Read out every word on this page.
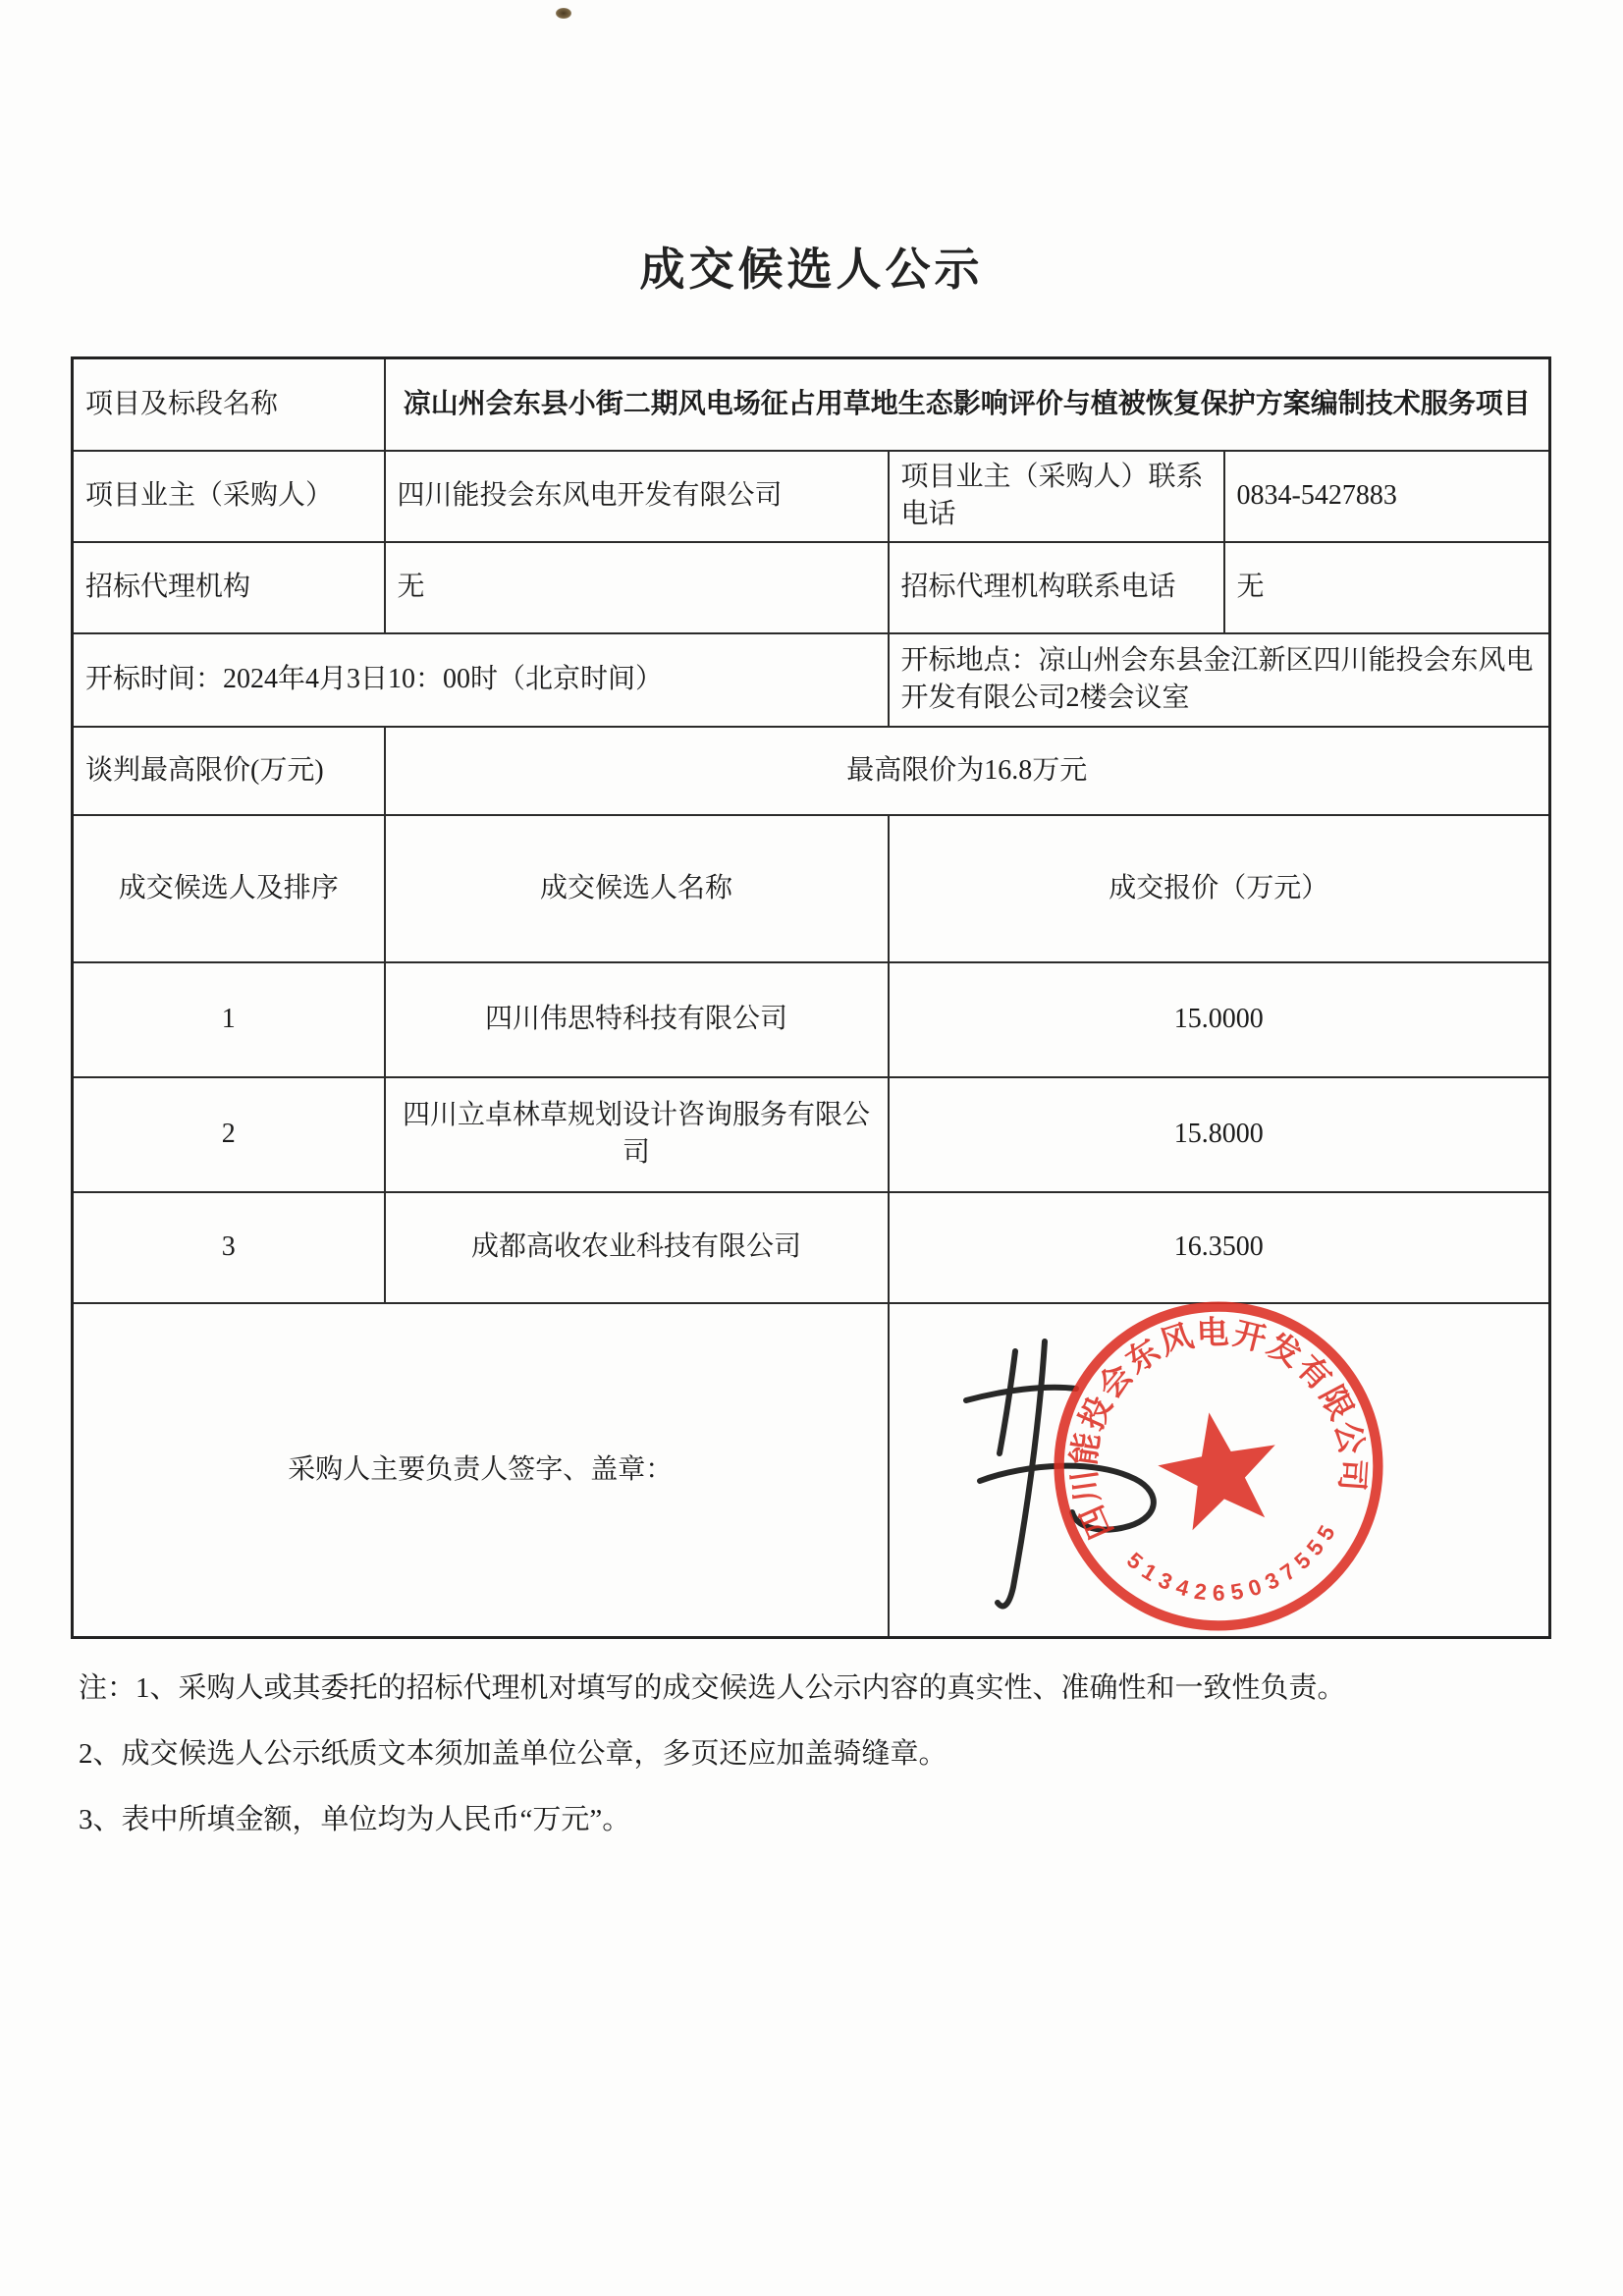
成交候选人公示
项目及标段名称	凉山州会东县小街二期风电场征占用草地生态影响评价与植被恢复保护方案编制技术服务项目		
项目业主（采购人）	四川能投会东风电开发有限公司	项目业主（采购人）联系电话	0834-5427883
招标代理机构	无	招标代理机构联系电话	无
开标时间：2024年4月3日10：00时（北京时间）		开标地点：凉山州会东县金江新区四川能投会东风电开发有限公司2楼会议室	
谈判最高限价(万元)	最高限价为16.8万元		
成交候选人及排序	成交候选人名称	成交报价（万元）	
1	四川伟思特科技有限公司	15.0000	
2	四川立卓林草规划设计咨询服务有限公司	15.8000	
3	成都高收农业科技有限公司	16.3500	
采购人主要负责人签字、盖章：		四川能投会东风电开发有限公司
5134265037555	

注：1、采购人或其委托的招标代理机对填写的成交候选人公示内容的真实性、准确性和一致性负责。

2、成交候选人公示纸质文本须加盖单位公章，多页还应加盖骑缝章。

3、表中所填金额，单位均为人民币“万元”。
